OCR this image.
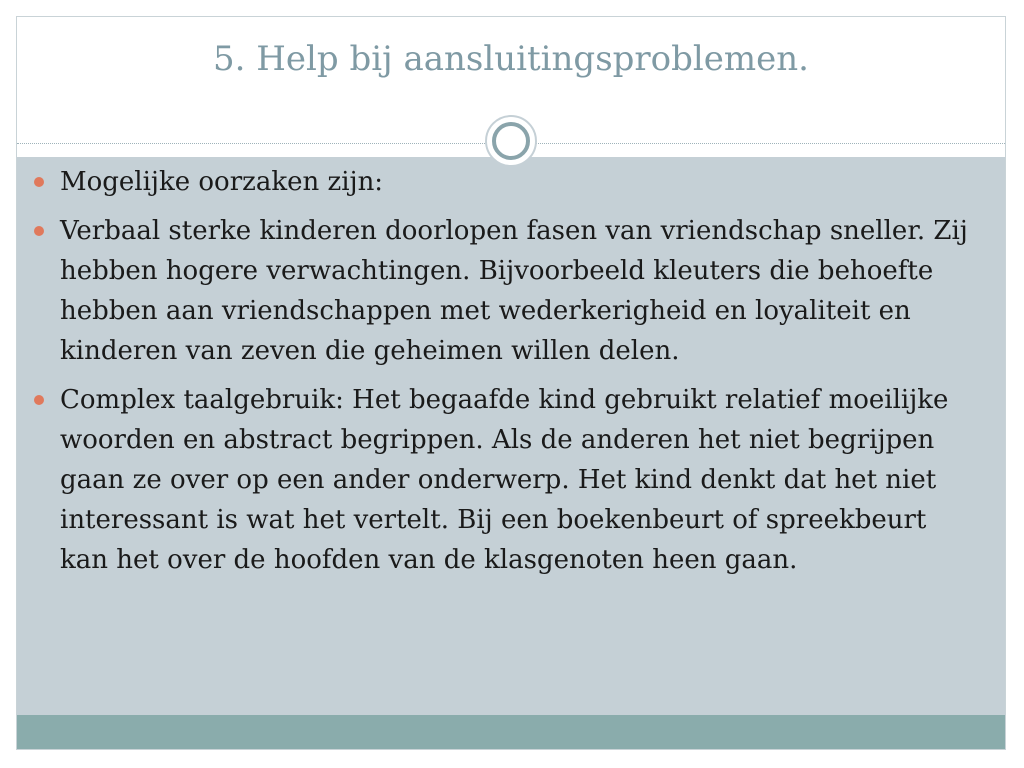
5. Help bij aansluitingsproblemen.
Mogelijke oorzaken zijn:
Verbaal sterke kinderen doorlopen fasen van vriendschap sneller. Zij hebben hogere verwachtingen. Bijvoorbeeld kleuters die behoefte hebben aan vriendschappen met wederkerigheid en loyaliteit en kinderen van zeven die geheimen willen delen.
Complex taalgebruik: Het begaafde kind gebruikt relatief moeilijke woorden en abstract begrippen. Als de anderen het niet begrijpen gaan ze over op een ander onderwerp. Het kind denkt dat het niet interessant is wat het vertelt. Bij een boekenbeurt of spreekbeurt kan het over de hoofden van de klasgenoten heen gaan.
